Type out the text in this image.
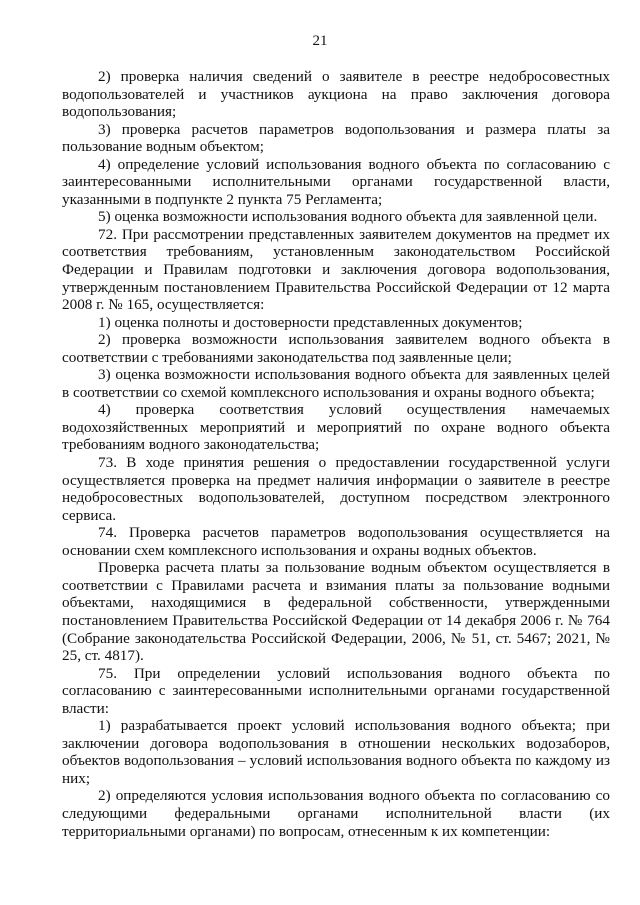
21

2) проверка наличия сведений о заявителе в реестре недобросовестных водопользователей и участников аукциона на право заключения договора водопользования;

3) проверка расчетов параметров водопользования и размера платы за пользование водным объектом;

4) определение условий использования водного объекта по согласованию с заинтересованными исполнительными органами государственной власти, указанными в подпункте 2 пункта 75 Регламента;

5) оценка возможности использования водного объекта для заявленной цели.

72. При рассмотрении представленных заявителем документов на предмет их соответствия требованиям, установленным законодательством Российской Федерации и Правилам подготовки и заключения договора водопользования, утвержденным постановлением Правительства Российской Федерации от 12 марта 2008 г. № 165, осуществляется:

1) оценка полноты и достоверности представленных документов;

2) проверка возможности использования заявителем водного объекта в соответствии с требованиями законодательства под заявленные цели;

3) оценка возможности использования водного объекта для заявленных целей в соответствии со схемой комплексного использования и охраны водного объекта;

4) проверка соответствия условий осуществления намечаемых водохозяйственных мероприятий и мероприятий по охране водного объекта требованиям водного законодательства;

73. В ходе принятия решения о предоставлении государственной услуги осуществляется проверка на предмет наличия информации о заявителе в реестре недобросовестных водопользователей, доступном посредством электронного сервиса.

74. Проверка расчетов параметров водопользования осуществляется на основании схем комплексного использования и охраны водных объектов.

Проверка расчета платы за пользование водным объектом осуществляется в соответствии с Правилами расчета и взимания платы за пользование водными объектами, находящимися в федеральной собственности, утвержденными постановлением Правительства Российской Федерации от 14 декабря 2006 г. № 764 (Собрание законодательства Российской Федерации, 2006, № 51, ст. 5467; 2021, № 25, ст. 4817).

75. При определении условий использования водного объекта по согласованию с заинтересованными исполнительными органами государственной власти:

1) разрабатывается проект условий использования водного объекта; при заключении договора водопользования в отношении нескольких водозаборов, объектов водопользования – условий использования водного объекта по каждому из них;

2) определяются условия использования водного объекта по согласованию со следующими федеральными органами исполнительной власти (их территориальными органами) по вопросам, отнесенным к их компетенции:
